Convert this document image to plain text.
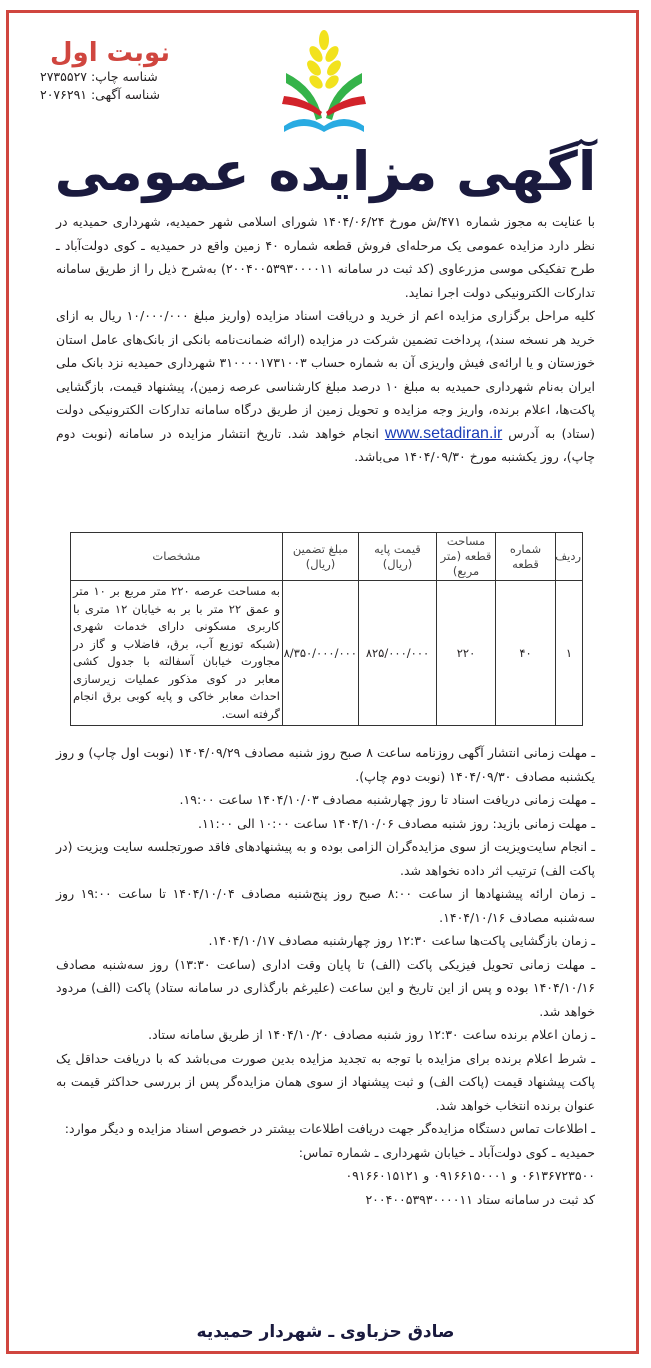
نوبت اول
شناسه چاپ: ۲۷۳۵۵۲۷
شناسه آگهی: ۲۰۷۶۲۹۱
آگهی مزایده عمومی

با عنایت به مجوز شماره ۴۷۱/ش مورخ ۱۴۰۴/۰۶/۲۴ شورای اسلامی شهر حمیدیه، شهرداری حمیدیه در نظر دارد مزایده عمومی یک مرحله‌ای فروش قطعه شماره ۴۰ زمین واقع در حمیدیه ـ کوی دولت‌آباد ـ طرح تفکیکی موسی مزرعاوی (کد ثبت در سامانه ۲۰۰۴۰۰۵۳۹۳۰۰۰۰۱۱) به‌شرح ذیل را از طریق سامانه تدارکات الکترونیکی دولت اجرا نماید.

کلیه مراحل برگزاری مزایده اعم از خرید و دریافت اسناد مزایده (واریز مبلغ ۱۰/۰۰۰/۰۰۰ ریال به ازای خرید هر نسخه سند)، پرداخت تضمین شرکت در مزایده (ارائه ضمانت‌نامه بانکی از بانک‌های عامل استان خوزستان و یا ارائه‌ی فیش واریزی آن به شماره حساب ۳۱۰۰۰۰۱۷۳۱۰۰۳ شهرداری حمیدیه نزد بانک ملی ایران به‌نام شهرداری حمیدیه به مبلغ ۱۰ درصد مبلغ کارشناسی عرصه زمین)، پیشنهاد قیمت، بازگشایی پاکت‌ها، اعلام برنده، واریز وجه مزایده و تحویل زمین از طریق درگاه سامانه تدارکات الکترونیکی دولت (ستاد) به آدرسwww.setadiran.irانجام خواهد شد. تاریخ انتشار مزایده در سامانه (نوبت دوم چاپ)، روز یکشنبه مورخ ۱۴۰۴/۰۹/۳۰ می‌باشد.

ردیف	شماره قطعه	مساحت قطعه (متر مربع)	قیمت پایه (ریال)	مبلغ تضمین (ریال)	مشخصات
۱	۴۰	۲۲۰	۸۲۵/۰۰۰/۰۰۰	۸/۳۵۰/۰۰۰/۰۰۰	به مساحت عرصه ۲۲۰ متر مربع بر ۱۰ متر و عمق ۲۲ متر با بر به خیابان ۱۲ متری با کاربری مسکونی دارای خدمات شهری (شبکه توزیع آب، برق، فاضلاب و گاز در مجاورت خیابان آسفالته با جدول کشی معابر در کوی مذکور عملیات زیرسازی احداث معابر خاکی و پایه کوبی برق انجام گرفته است.

ـ مهلت زمانی انتشار آگهی روزنامه ساعت ۸ صبح روز شنبه مصادف ۱۴۰۴/۰۹/۲۹ (نوبت اول چاپ) و روز یکشنبه مصادف ۱۴۰۴/۰۹/۳۰ (نوبت دوم چاپ).

ـ مهلت زمانی دریافت اسناد تا روز چهارشنبه مصادف ۱۴۰۴/۱۰/۰۳ ساعت ۱۹:۰۰.

ـ مهلت زمانی بازید: روز شنبه مصادف ۱۴۰۴/۱۰/۰۶ ساعت ۱۰:۰۰ الی ۱۱:۰۰.

ـ انجام سایت‌ویزیت از سوی مزایده‌گران الزامی بوده و به پیشنهادهای فاقد صورتجلسه سایت ویزیت (در پاکت الف) ترتیب اثر داده نخواهد شد.

ـ زمان ارائه پیشنهادها از ساعت ۸:۰۰ صبح روز پنج‌شنبه مصادف ۱۴۰۴/۱۰/۰۴ تا ساعت ۱۹:۰۰ روز سه‌شنبه مصادف ۱۴۰۴/۱۰/۱۶.

ـ زمان بازگشایی پاکت‌ها ساعت ۱۲:۳۰ روز چهارشنبه مصادف ۱۴۰۴/۱۰/۱۷.

ـ مهلت زمانی تحویل فیزیکی پاکت (الف) تا پایان وقت اداری (ساعت ۱۳:۳۰) روز سه‌شنبه مصادف ۱۴۰۴/۱۰/۱۶ بوده و پس از این تاریخ و این ساعت (علیرغم بارگذاری در سامانه ستاد) پاکت (الف) مردود خواهد شد.

ـ زمان اعلام برنده ساعت ۱۲:۳۰ روز شنبه مصادف ۱۴۰۴/۱۰/۲۰ از طریق سامانه ستاد.

ـ شرط اعلام برنده برای مزایده با توجه به تجدید مزایده بدین صورت می‌باشد که با دریافت حداقل یک پاکت پیشنهاد قیمت (پاکت الف) و ثبت پیشنهاد از سوی همان مزایده‌گر پس از بررسی حداکثر قیمت به عنوان برنده انتخاب خواهد شد.

ـ اطلاعات تماس دستگاه مزایده‌گر جهت دریافت اطلاعات بیشتر در خصوص اسناد مزایده و دیگر موارد:

حمیدیه ـ کوی دولت‌آباد ـ خیابان شهرداری ـ شماره تماس:

۰۶۱۳۶۷۲۳۵۰۰ و ۰۹۱۶۶۱۵۰۰۰۱ و ۰۹۱۶۶۰۱۵۱۲۱

کد ثبت در سامانه ستاد ۲۰۰۴۰۰۵۳۹۳۰۰۰۰۱۱

صادق حزباوی ـ شهردار حمیدیه
